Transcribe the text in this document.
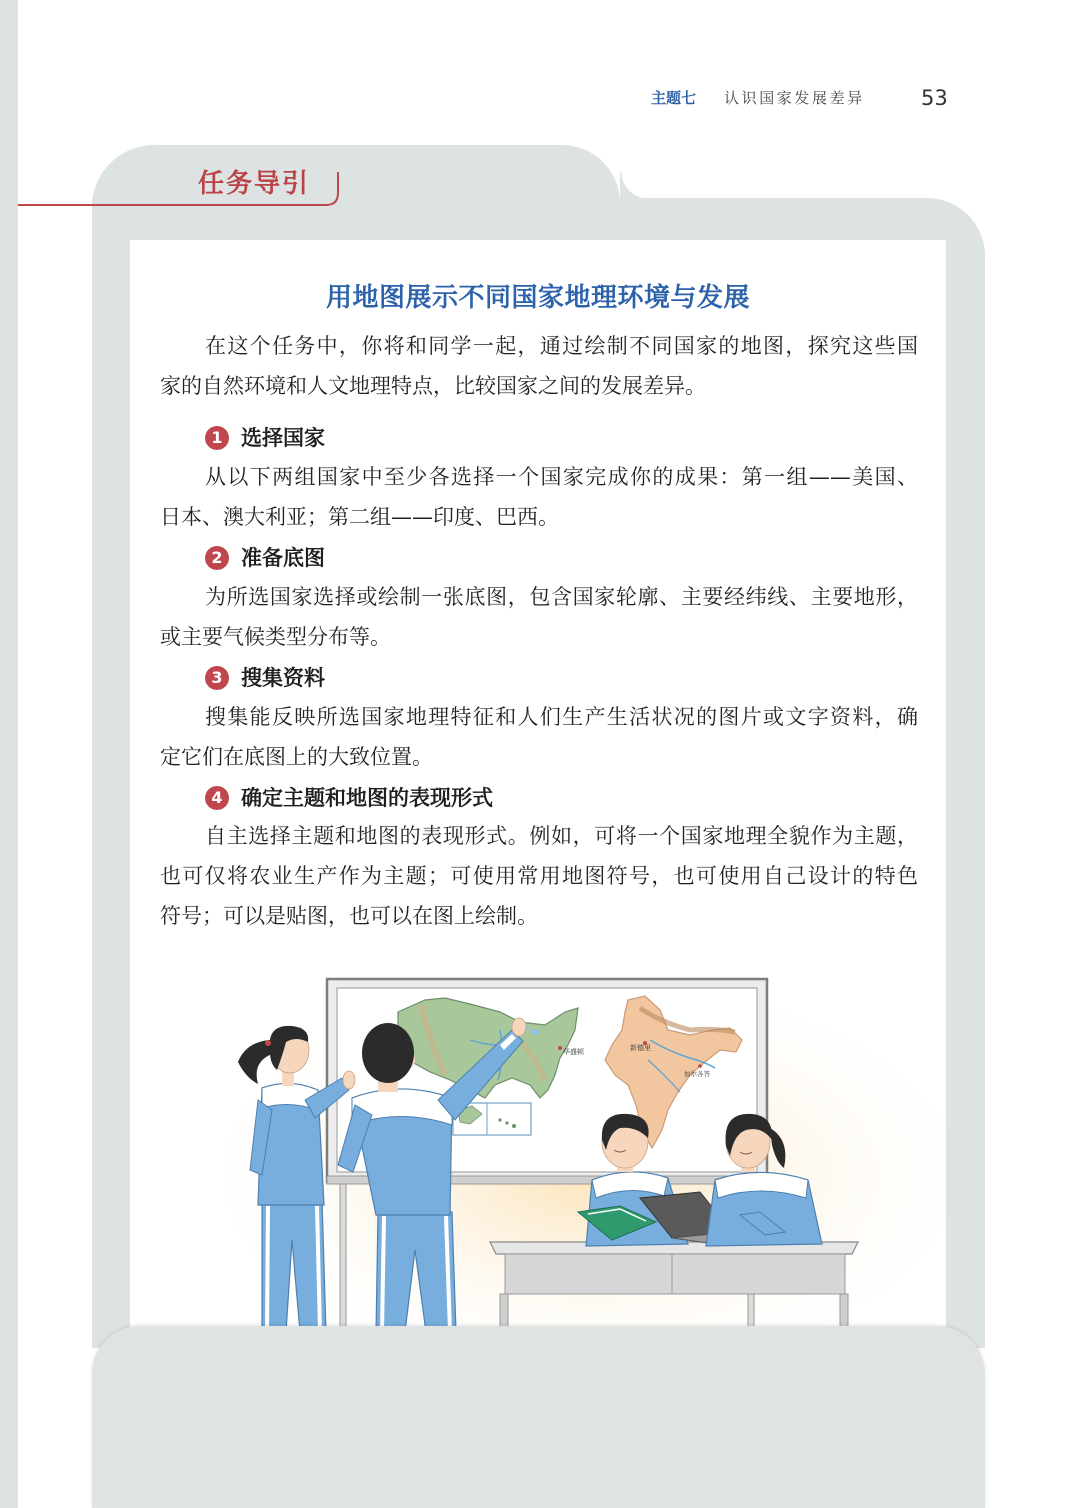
主题七 认识国家发展差异	53
任务导引
用地图展示不同国家地理环境与发展
在这个任务中，你将和同学一起，通过绘制不同国家的地图，探究这些国
家的自然环境和人文地理特点，比较国家之间的发展差异。
1 选择国家
从以下两组国家中至少各选择一个国家完成你的成果：第一组——美国、
日本、澳大利亚；第二组——印度、巴西。
2 准备底图
为所选国家选择或绘制一张底图，包含国家轮廓、主要经纬线、主要地形，
或主要气候类型分布等。
3 搜集资料
搜集能反映所选国家地理特征和人们生产生活状况的图片或文字资料，确
定它们在底图上的大致位置。
4 确定主题和地图的表现形式
自主选择主题和地图的表现形式。例如，可将一个国家地理全貌作为主题，
也可仅将农业生产作为主题；可使用常用地图符号，也可使用自己设计的特色
符号；可以是贴图，也可以在图上绘制。
华盛顿	新德里
加尔各答
